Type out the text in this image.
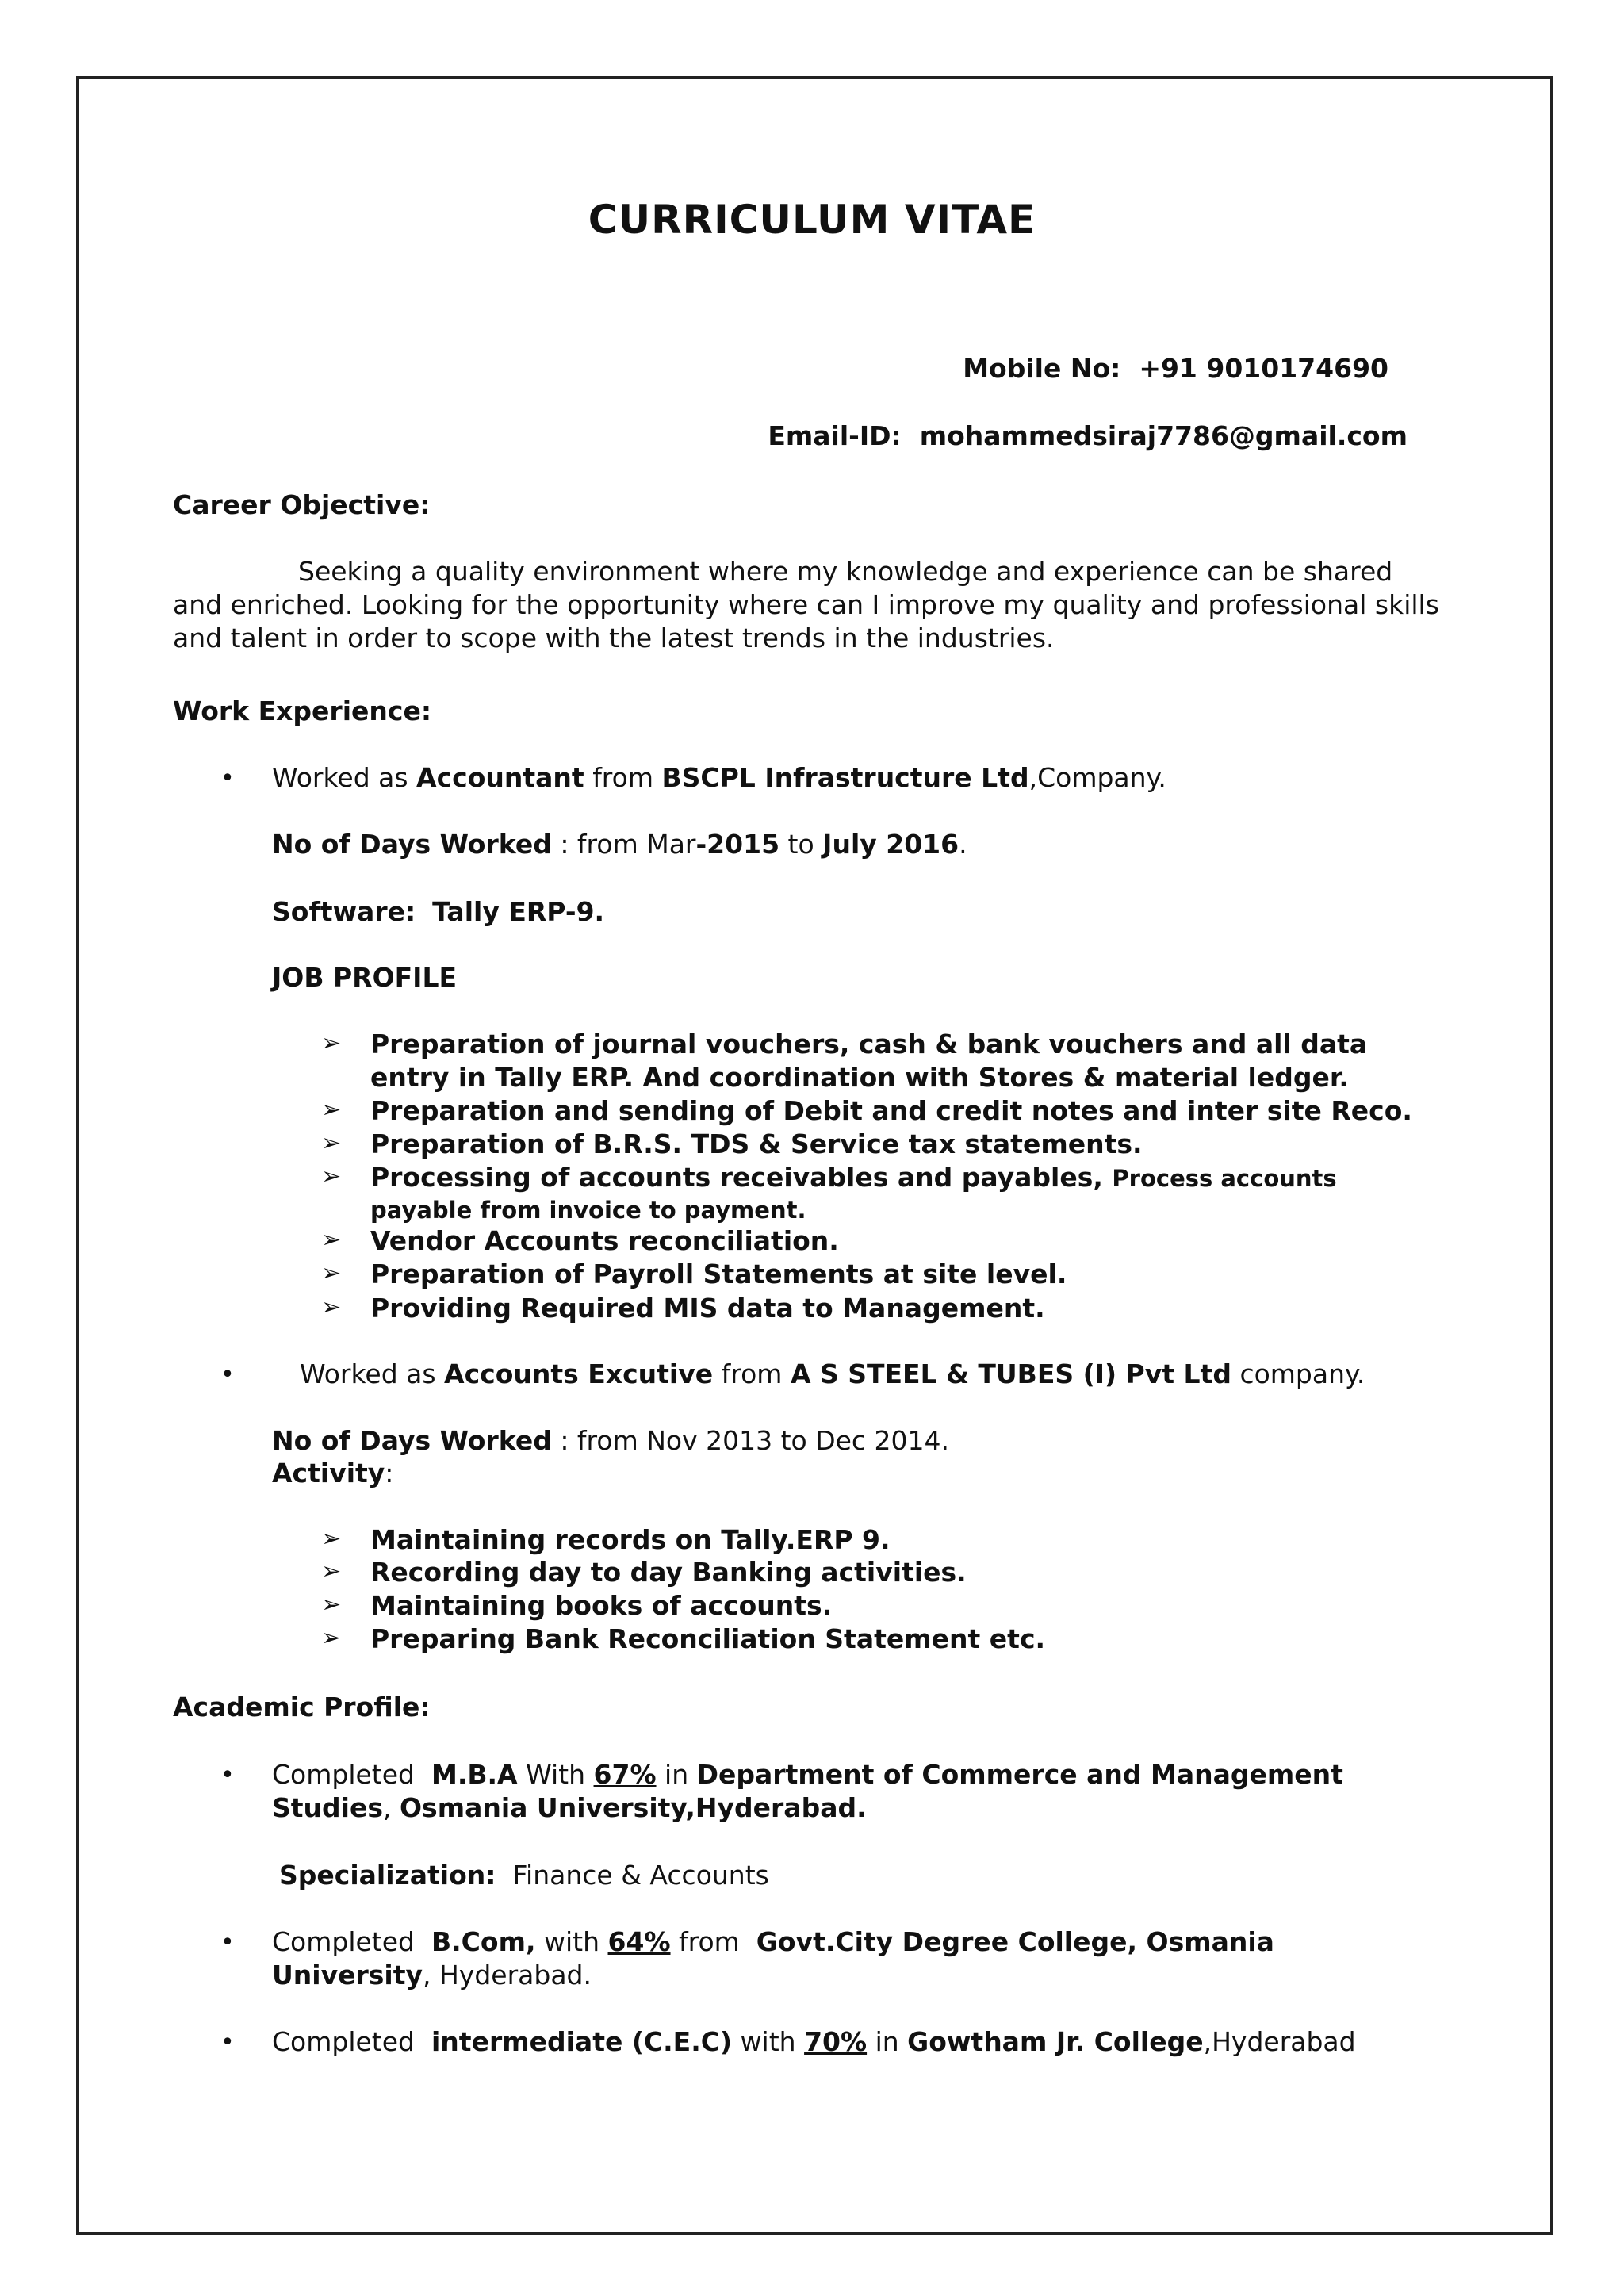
CURRICULUM VITAE
Mobile No: +91 9010174690
Email-ID: mohammedsiraj7786@gmail.com
Career Objective:
Seeking a quality environment where my knowledge and experience can be shared and enriched. Looking for the opportunity where can I improve my quality and professional skills and talent in order to scope with the latest trends in the industries.
Work Experience:
• Worked as Accountant from BSCPL Infrastructure Ltd,Company.
No of Days Worked : from Mar-2015 to July 2016.
Software: Tally ERP-9.
JOB PROFILE
➢ Preparation of journal vouchers, cash & bank vouchers and all data
entry in Tally ERP. And coordination with Stores & material ledger.
➢ Preparation and sending of Debit and credit notes and inter site Reco.
➢ Preparation of B.R.S. TDS & Service tax statements.
➢ Processing of accounts receivables and payables, Process accounts
payable from invoice to payment.
➢ Vendor Accounts reconciliation.
➢ Preparation of Payroll Statements at site level.
➢ Providing Required MIS data to Management.
• Worked as Accounts Excutive from A S STEEL & TUBES (I) Pvt Ltd company.
No of Days Worked : from Nov 2013 to Dec 2014.
Activity:
➢ Maintaining records on Tally.ERP 9.
➢ Recording day to day Banking activities.
➢ Maintaining books of accounts.
➢ Preparing Bank Reconciliation Statement etc.
Academic Profile:
• Completed M.B.A With 67% in Department of Commerce and Management
Studies, Osmania University,Hyderabad.
Specialization: Finance & Accounts
• Completed B.Com, with 64% from Govt.City Degree College, Osmania
University, Hyderabad.
• Completed intermediate (C.E.C) with 70% in Gowtham Jr. College,Hyderabad
